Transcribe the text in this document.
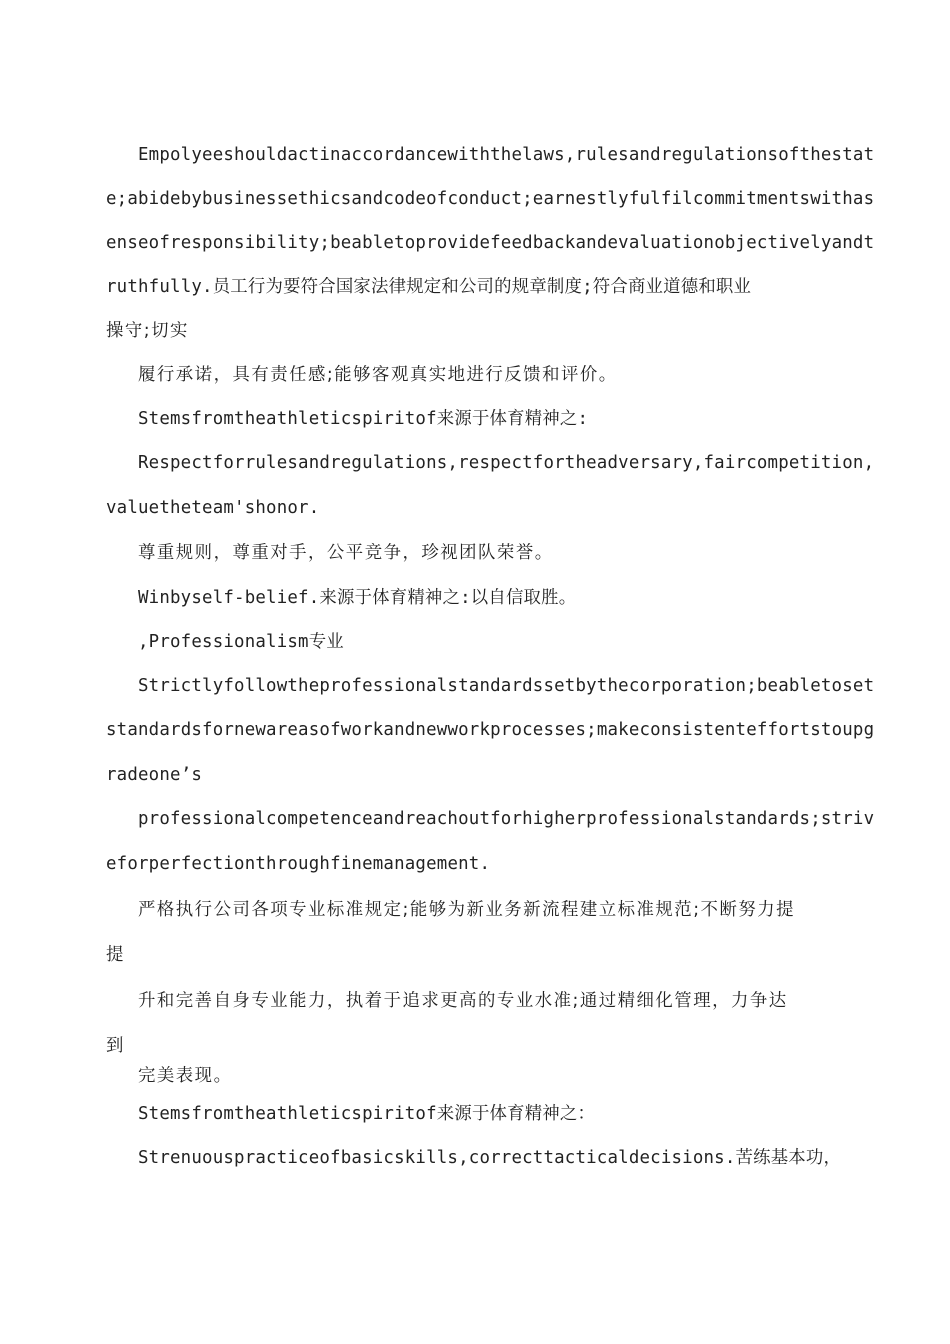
Empolyeeshouldactinaccordancewiththelaws,rulesandregulationsofthestat
e;abidebybusinessethicsandcodeofconduct;earnestlyfulfilcommitmentswithas
enseofresponsibility;beabletoprovidefeedbackandevaluationobjectivelyandt
ruthfully.员工行为要符合国家法律规定和公司的规章制度;符合商业道德和职业
操守;切实
履行承诺，具有责任感;能够客观真实地进行反馈和评价。
Stemsfromtheathleticspiritof来源于体育精神之:
Respectforrulesandregulations,respectfortheadversary,faircompetition,
valuetheteam'shonor.
尊重规则，尊重对手，公平竞争，珍视团队荣誉。
Winbyself-belief.来源于体育精神之:以自信取胜。
,Professionalism专业
Strictlyfollowtheprofessionalstandardssetbythecorporation;beabletoset
standardsfornewareasofworkandnewworkprocesses;makeconsistenteffortstoupg
radeone’s
professionalcompetenceandreachoutforhigherprofessionalstandards;striv
eforperfectionthroughfinemanagement.
严格执行公司各项专业标准规定;能够为新业务新流程建立标准规范;不断努力提
提
升和完善自身专业能力，执着于追求更高的专业水准;通过精细化管理，力争达
到
完美表现。
Stemsfromtheathleticspiritof来源于体育精神之：
Strenuouspracticeofbasicskills,correcttacticaldecisions.苦练基本功，
